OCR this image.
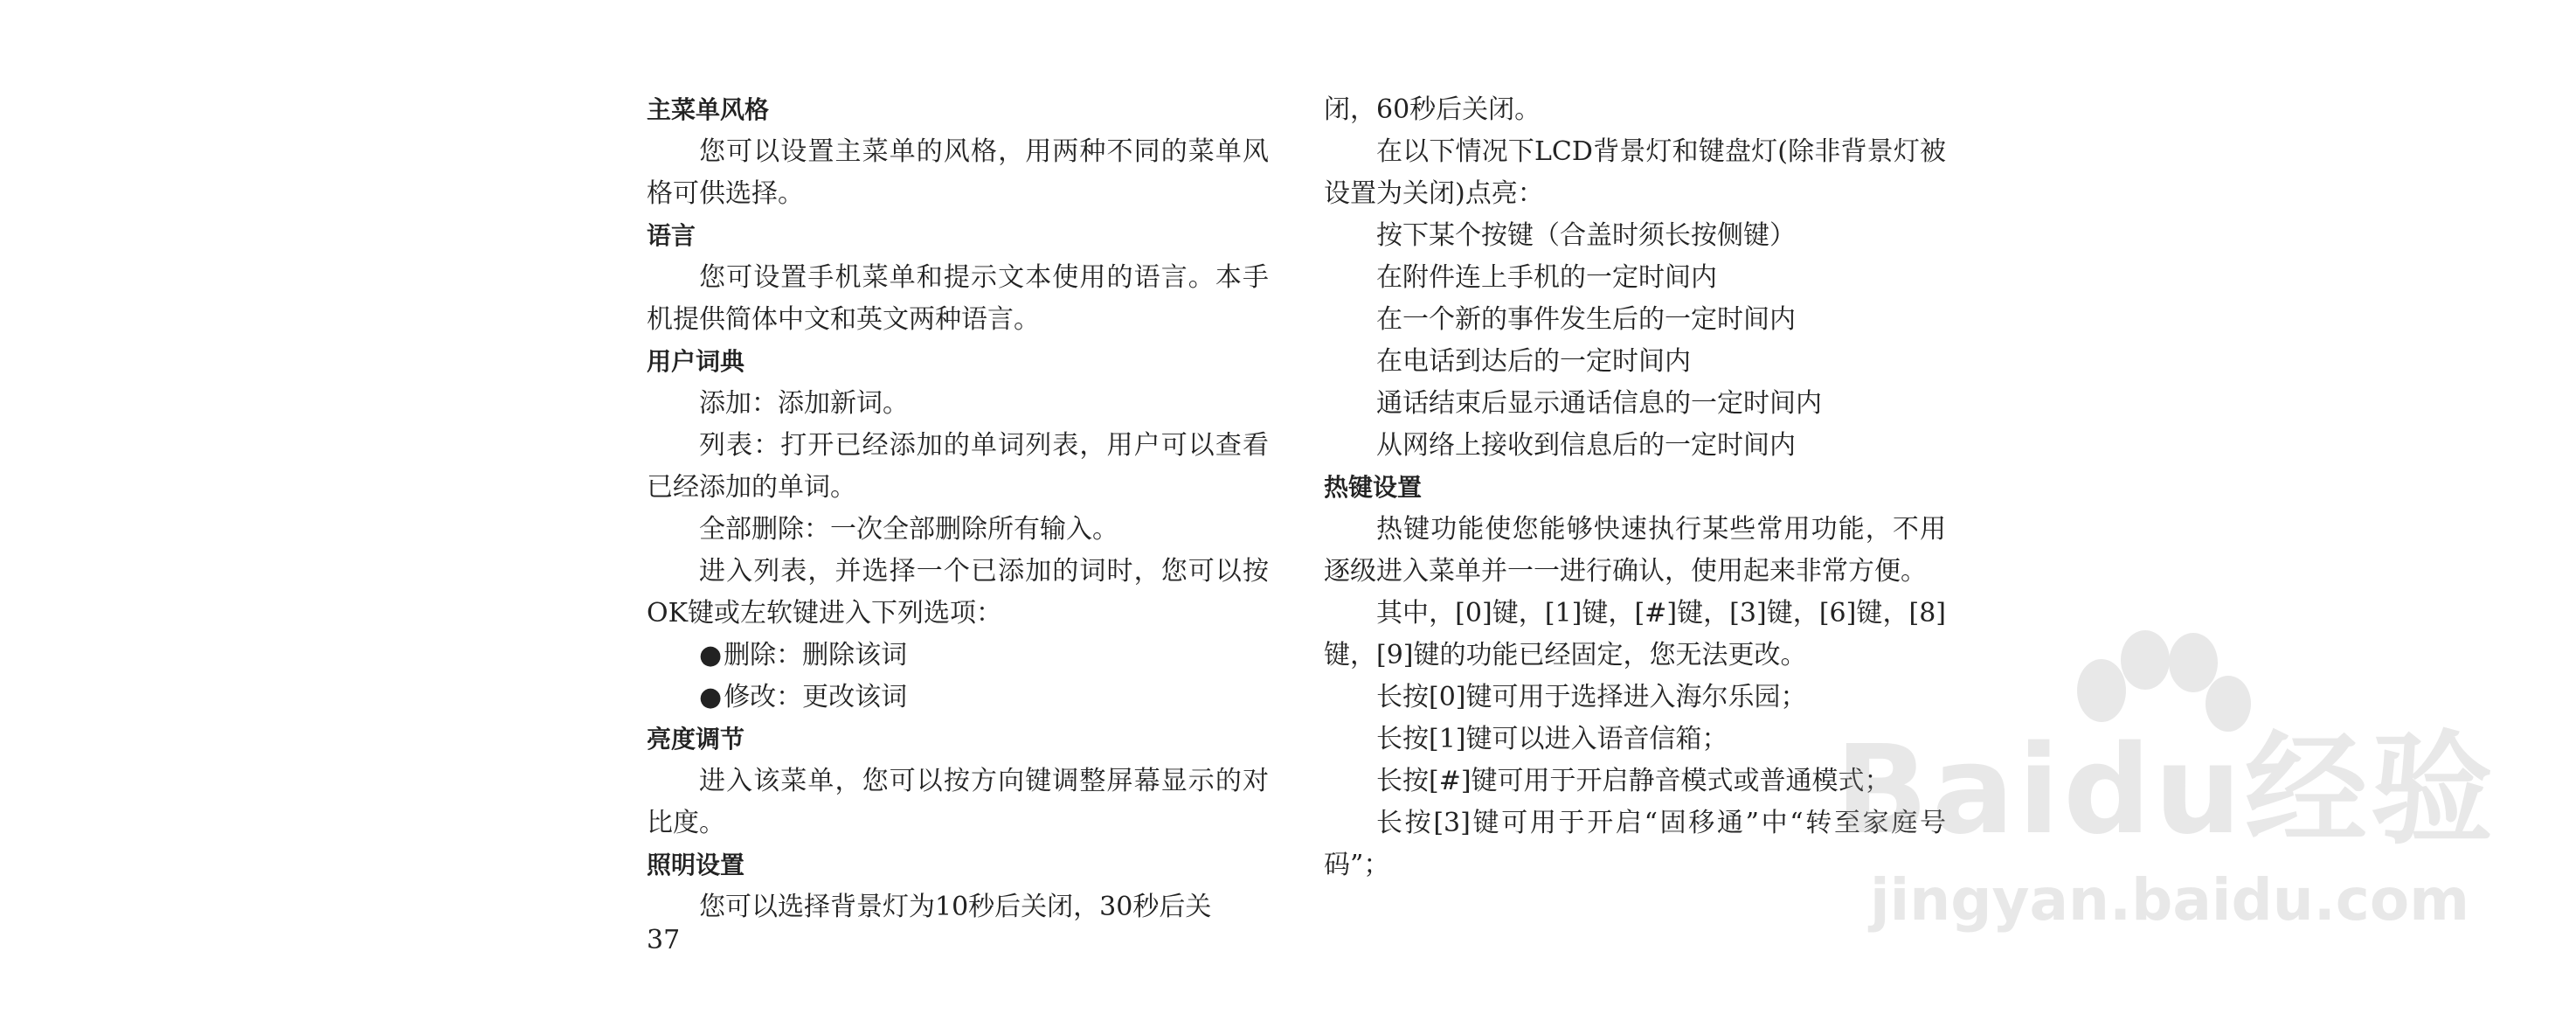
主菜单风格

您可以设置主菜单的风格，用两种不同的菜单风格可供选择。

语言

您可设置手机菜单和提示文本使用的语言。本手机提供简体中文和英文两种语言。

用户词典

添加：添加新词。

列表：打开已经添加的单词列表，用户可以查看已经添加的单词。

全部删除：一次全部删除所有输入。

进入列表，并选择一个已添加的词时，您可以按OK键或左软键进入下列选项：

●删除：删除该词
●修改：更改该词
亮度调节

进入该菜单，您可以按方向键调整屏幕显示的对比度。

照明设置

您可以选择背景灯为10秒后关闭，30秒后关

37

闭，60秒后关闭。

在以下情况下LCD背景灯和键盘灯(除非背景灯被设置为关闭)点亮：

按下某个按键（合盖时须长按侧键）
在附件连上手机的一定时间内
在一个新的事件发生后的一定时间内
在电话到达后的一定时间内
通话结束后显示通话信息的一定时间内
从网络上接收到信息后的一定时间内
热键设置

热键功能使您能够快速执行某些常用功能，不用逐级进入菜单并一一进行确认，使用起来非常方便。

其中，[0]键，[1]键，[#]键，[3]键，[6]键，[8]键，[9]键的功能已经固定，您无法更改。

长按[0]键可用于选择进入海尔乐园；

长按[1]键可以进入语音信箱；

长按[#]键可用于开启静音模式或普通模式；

长按[3]键可用于开启“固移通”中“转至家庭号码”；

Baidu经验
jingyan.baidu.com
